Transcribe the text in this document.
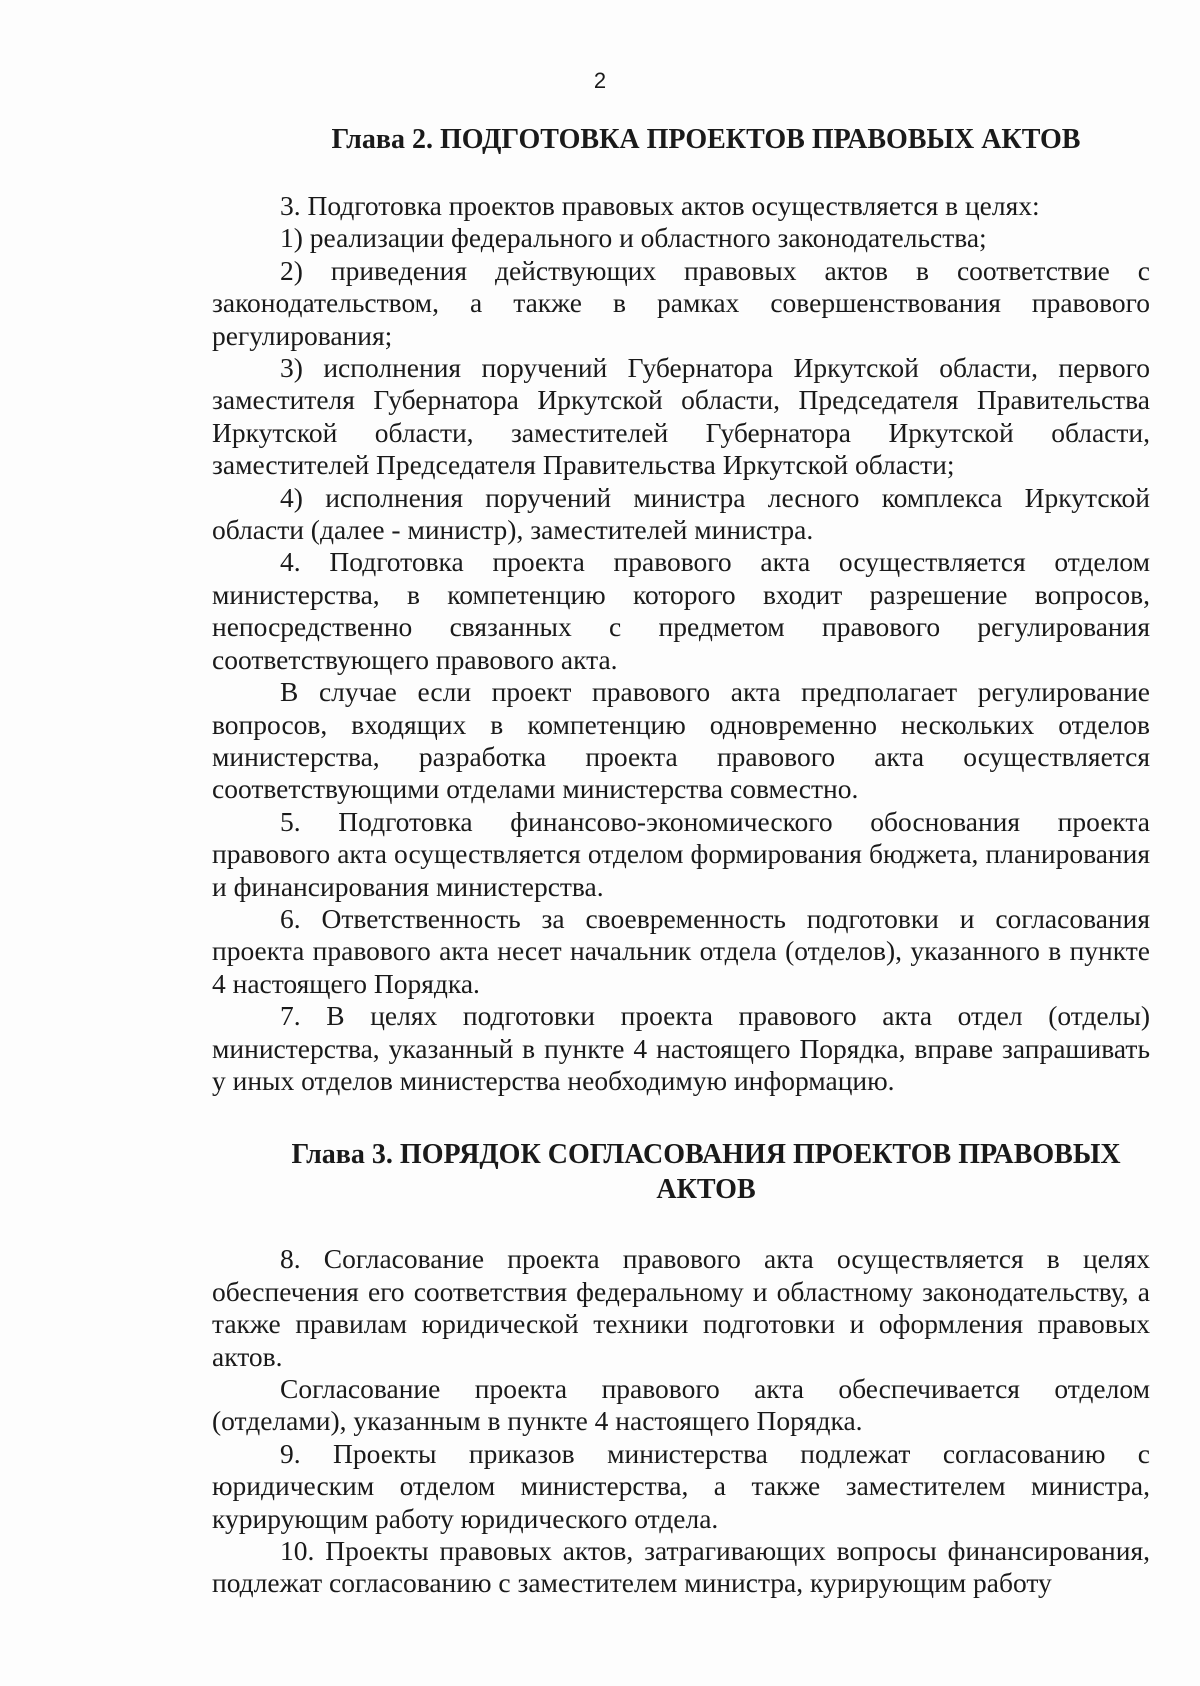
2
Глава 2. ПОДГОТОВКА ПРОЕКТОВ ПРАВОВЫХ АКТОВ

3. Подготовка проектов правовых актов осуществляется в целях:

1) реализации федерального и областного законодательства;

2) приведения действующих правовых актов в соответствие с законодательством, а также в рамках совершенствования правового регулирования;

3) исполнения поручений Губернатора Иркутской области, первого заместителя Губернатора Иркутской области, Председателя Правительства Иркутской области, заместителей Губернатора Иркутской области, заместителей Председателя Правительства Иркутской области;

4) исполнения поручений министра лесного комплекса Иркутской области (далее - министр), заместителей министра.

4. Подготовка проекта правового акта осуществляется отделом министерства, в компетенцию которого входит разрешение вопросов, непосредственно связанных с предметом правового регулирования соответствующего правового акта.

В случае если проект правового акта предполагает регулирование вопросов, входящих в компетенцию одновременно нескольких отделов министерства, разработка проекта правового акта осуществляется соответствующими отделами министерства совместно.

5. Подготовка финансово-экономического обоснования проекта правового акта осуществляется отделом формирования бюджета, планирования и финансирования министерства.

6. Ответственность за своевременность подготовки и согласования проекта правового акта несет начальник отдела (отделов), указанного в пункте 4 настоящего Порядка.

7. В целях подготовки проекта правового акта отдел (отделы) министерства, указанный в пункте 4 настоящего Порядка, вправе запрашивать у иных отделов министерства необходимую информацию.

Глава 3. ПОРЯДОК СОГЛАСОВАНИЯ ПРОЕКТОВ ПРАВОВЫХ АКТОВ

8. Согласование проекта правового акта осуществляется в целях обеспечения его соответствия федеральному и областному законодательству, а также правилам юридической техники подготовки и оформления правовых актов.

Согласование проекта правового акта обеспечивается отделом (отделами), указанным в пункте 4 настоящего Порядка.

9. Проекты приказов министерства подлежат согласованию с юридическим отделом министерства, а также заместителем министра, курирующим работу юридического отдела.

10. Проекты правовых актов, затрагивающих вопросы финансирования, подлежат согласованию с заместителем министра, курирующим работу
